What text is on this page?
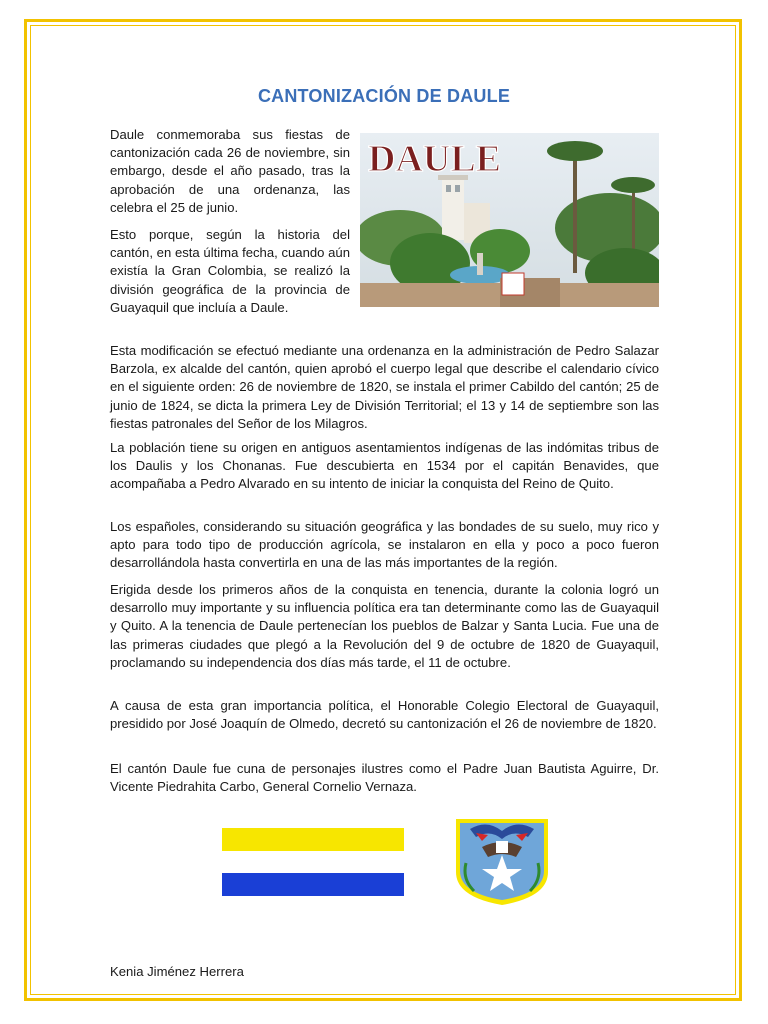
CANTONIZACIÓN DE DAULE

Daule conmemoraba sus fiestas de cantonización cada 26 de noviembre, sin embargo, desde el año pasado, tras la aprobación de una ordenanza, las celebra el 25 de junio.

Esto porque, según la historia del cantón, en esta última fecha, cuando aún existía la Gran Colombia, se realizó la división geográfica de la provincia de Guayaquil que incluía a Daule.

DAULE

Esta modificación se efectuó mediante una ordenanza en la administración de Pedro Salazar Barzola, ex alcalde del cantón, quien aprobó el cuerpo legal que describe el calendario cívico en el siguiente orden: 26 de noviembre de 1820, se instala el primer Cabildo del cantón; 25 de junio de 1824, se dicta la primera Ley de División Territorial; el 13 y 14 de septiembre son las fiestas patronales del Señor de los Milagros.

La población tiene su origen en antiguos asentamientos indígenas de las indómitas tribus de los Daulis y los Chonanas. Fue descubierta en 1534 por el capitán Benavides, que acompañaba a Pedro Alvarado en su intento de iniciar la conquista del Reino de Quito.

Los españoles, considerando su situación geográfica y las bondades de su suelo, muy rico y apto para todo tipo de producción agrícola, se instalaron en ella y poco a poco fueron desarrollándola hasta convertirla en una de las más importantes de la región.

Erigida desde los primeros años de la conquista en tenencia, durante la colonia logró un desarrollo muy importante y su influencia política era tan determinante como las de Guayaquil y Quito. A la tenencia de Daule pertenecían los pueblos de Balzar y Santa Lucia. Fue una de las primeras ciudades que plegó a la Revolución del 9 de octubre de 1820 de Guayaquil, proclamando su independencia dos días más tarde, el 11 de octubre.

A causa de esta gran importancia política, el Honorable Colegio Electoral de Guayaquil, presidido por José Joaquín de Olmedo, decretó su cantonización el 26 de noviembre de 1820.

El cantón Daule fue cuna de personajes ilustres como el Padre Juan Bautista Aguirre, Dr. Vicente Piedrahita Carbo, General Cornelio Vernaza.

Kenia Jiménez Herrera
